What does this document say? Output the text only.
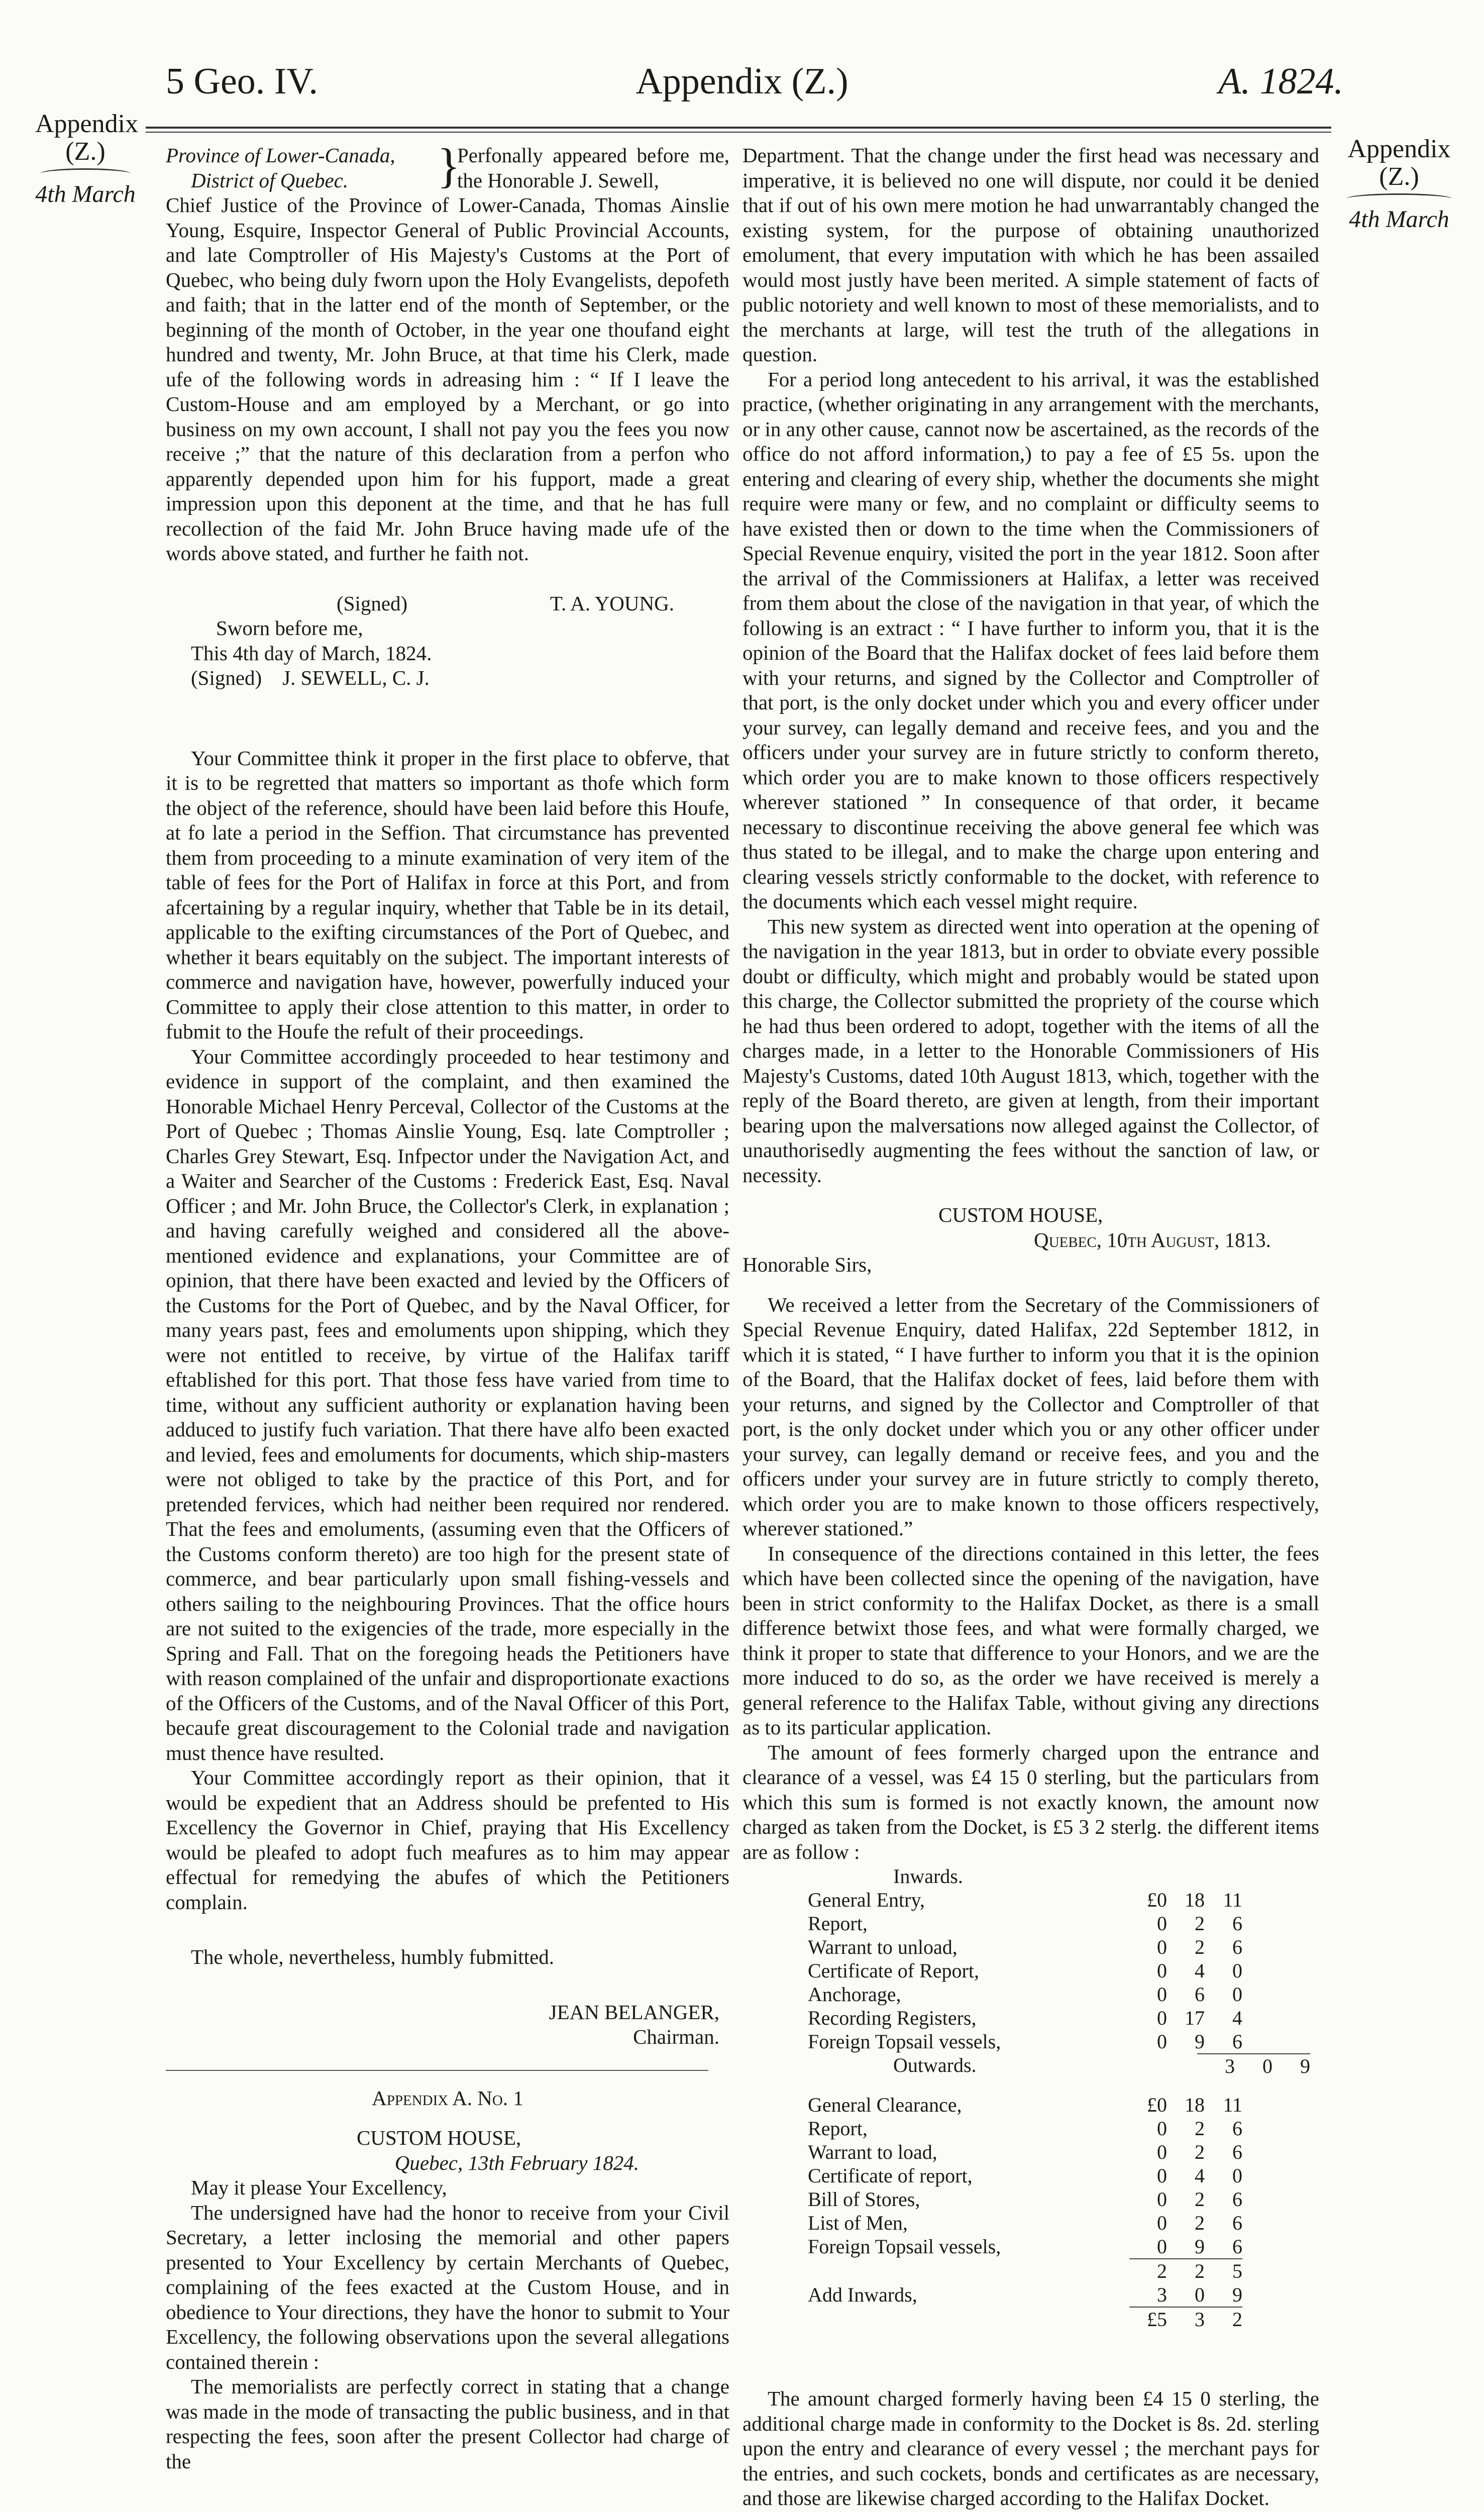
5 Geo. IV.	Appendix (Z.)	A. 1824.
Appendix
(Z.)
4th March
Appendix
(Z.)
4th March
Province of Lower-Canada,
District of Quebec.	}
Perfonally appeared before me, the Honorable J. Sewell,

Chief Justice of the Province of Lower-Canada, Thomas Ainslie Young, Esquire, Inspector General of Public Provincial Accounts, and late Comptroller of His Majesty's Customs at the Port of Quebec, who being duly fworn upon the Holy Evangelists, depofeth and faith; that in the latter end of the month of September, or the beginning of the month of October, in the year one thoufand eight hundred and twenty, Mr. John Bruce, at that time his Clerk, made ufe of the following words in adreasing him : “ If I leave the Custom-House and am employed by a Merchant, or go into business on my own account, I shall not pay you the fees you now receive ;” that the nature of this declaration from a perfon who apparently depended upon him for his fupport, made a great impression upon this deponent at the time, and that he has full recollection of the faid Mr. John Bruce having made ufe of the words above stated, and further he faith not.

(Signed)	T. A. YOUNG.
Sworn before me,
This 4th day of March, 1824.
(Signed)    J. SEWELL, C. J.

Your Committee think it proper in the first place to obferve, that it is to be regretted that matters so important as thofe which form the object of the reference, should have been laid before this Houfe, at fo late a period in the Seffion. That circumstance has prevented them from proceeding to a minute examination of very item of the table of fees for the Port of Halifax in force at this Port, and from afcertaining by a regular inquiry, whether that Table be in its detail, applicable to the exifting circumstances of the Port of Quebec, and whether it bears equitably on the subject. The important interests of commerce and navigation have, however, powerfully induced your Committee to apply their close attention to this matter, in order to fubmit to the Houfe the refult of their proceedings.

Your Committee accordingly proceeded to hear testimony and evidence in support of the complaint, and then examined the Honorable Michael Henry Perceval, Collector of the Customs at the Port of Quebec ; Thomas Ainslie Young, Esq. late Comptroller ; Charles Grey Stewart, Esq. Infpector under the Navigation Act, and a Waiter and Searcher of the Customs : Frederick East, Esq. Naval Officer ; and Mr. John Bruce, the Collector's Clerk, in explanation ; and having carefully weighed and considered all the above-mentioned evidence and explanations, your Committee are of opinion, that there have been exacted and levied by the Officers of the Customs for the Port of Quebec, and by the Naval Officer, for many years past, fees and emoluments upon shipping, which they were not entitled to receive, by virtue of the Halifax tariff eftablished for this port. That those fess have varied from time to time, without any sufficient authority or explanation having been adduced to justify fuch variation. That there have alfo been exacted and levied, fees and emoluments for documents, which ship-masters were not obliged to take by the practice of this Port, and for pretended fervices, which had neither been required nor rendered. That the fees and emoluments, (assuming even that the Officers of the Customs conform thereto) are too high for the present state of commerce, and bear particularly upon small fishing-vessels and others sailing to the neighbouring Provinces. That the office hours are not suited to the exigencies of the trade, more especially in the Spring and Fall. That on the foregoing heads the Petitioners have with reason complained of the unfair and disproportionate exactions of the Officers of the Customs, and of the Naval Officer of this Port, becaufe great discouragement to the Colonial trade and navigation must thence have resulted.

Your Committee accordingly report as their opinion, that it would be expedient that an Address should be prefented to His Excellency the Governor in Chief, praying that His Excellency would be pleafed to adopt fuch meafures as to him may appear effectual for remedying the abufes of which the Petitioners complain.

The whole, nevertheless, humbly fubmitted.

JEAN BELANGER,
Chairman.
Appendix A. No. 1
CUSTOM HOUSE,
Quebec, 13th February 1824.
May it please Your Excellency,

The undersigned have had the honor to receive from your Civil Secretary, a letter inclosing the memorial and other papers presented to Your Excellency by certain Merchants of Quebec, complaining of the fees exacted at the Custom House, and in obedience to Your directions, they have the honor to submit to Your Excellency, the following observations upon the several allegations contained therein :

The memorialists are perfectly correct in stating that a change was made in the mode of transacting the public business, and in that respecting the fees, soon after the present Collector had charge of the

Department. That the change under the first head was necessary and imperative, it is believed no one will dispute, nor could it be denied that if out of his own mere motion he had unwarrantably changed the existing system, for the purpose of obtaining unauthorized emolument, that every imputation with which he has been assailed would most justly have been merited. A simple statement of facts of public notoriety and well known to most of these memorialists, and to the merchants at large, will test the truth of the allegations in question.

For a period long antecedent to his arrival, it was the established practice, (whether originating in any arrangement with the merchants, or in any other cause, cannot now be ascertained, as the records of the office do not afford information,) to pay a fee of £5 5s. upon the entering and clearing of every ship, whether the documents she might require were many or few, and no complaint or difficulty seems to have existed then or down to the time when the Commissioners of Special Revenue enquiry, visited the port in the year 1812. Soon after the arrival of the Commissioners at Halifax, a letter was received from them about the close of the navigation in that year, of which the following is an extract : “ I have further to inform you, that it is the opinion of the Board that the Halifax docket of fees laid before them with your returns, and signed by the Collector and Comptroller of that port, is the only docket under which you and every officer under your survey, can legally demand and receive fees, and you and the officers under your survey are in future strictly to conform thereto, which order you are to make known to those officers respectively wherever stationed ” In consequence of that order, it became necessary to discontinue receiving the above general fee which was thus stated to be illegal, and to make the charge upon entering and clearing vessels strictly conformable to the docket, with reference to the documents which each vessel might require.

This new system as directed went into operation at the opening of the navigation in the year 1813, but in order to obviate every possible doubt or difficulty, which might and probably would be stated upon this charge, the Collector submitted the propriety of the course which he had thus been ordered to adopt, together with the items of all the charges made, in a letter to the Honorable Commissioners of His Majesty's Customs, dated 10th August 1813, which, together with the reply of the Board thereto, are given at length, from their important bearing upon the malversations now alleged against the Collector, of unauthorisedly augmenting the fees without the sanction of law, or necessity.

CUSTOM HOUSE,
Quebec, 10th August, 1813.
Honorable Sirs,

We received a letter from the Secretary of the Commissioners of Special Revenue Enquiry, dated Halifax, 22d September 1812, in which it is stated, “ I have further to inform you that it is the opinion of the Board, that the Halifax docket of fees, laid before them with your returns, and signed by the Collector and Comptroller of that port, is the only docket under which you or any other officer under your survey, can legally demand or receive fees, and you and the officers under your survey are in future strictly to comply thereto, which order you are to make known to those officers respectively, wherever stationed.”

In consequence of the directions contained in this letter, the fees which have been collected since the opening of the navigation, have been in strict conformity to the Halifax Docket, as there is a small difference betwixt those fees, and what were formally charged, we think it proper to state that difference to your Honors, and we are the more induced to do so, as the order we have received is merely a general reference to the Halifax Table, without giving any directions as to its particular application.

The amount of fees formerly charged upon the entrance and clearance of a vessel, was £4 15 0 sterling, but the particulars from which this sum is formed is not exactly known, the amount now charged as taken from the Docket, is £5 3 2 sterlg. the different items are as follow :

Inwards.
General Entry,	£0 18 11
Report,	0	2	6
Warrant to unload,	0	2	6
Certificate of Report,	0	4	0
Anchorage,	0	6	0
Recording Registers,	0 17	4
Foreign Topsail vessels,	0	9	6
Outwards.	3	0	9
General Clearance,	£0 18 11
Report,	0	2	6
Warrant to load,	0	2	6
Certificate of report,	0	4	0
Bill of Stores,	0	2	6
List of Men,	0	2	6
Foreign Topsail vessels,	0	9	6
2	2	5
Add Inwards,	3	0	9
£5	3	2

The amount charged formerly having been £4 15 0 sterling, the additional charge made in conformity to the Docket is 8s. 2d. sterling upon the entry and clearance of every vessel ; the merchant pays for the entries, and such cockets, bonds and certificates as are necessary, and those are likewise charged according to the Halifax Docket.
